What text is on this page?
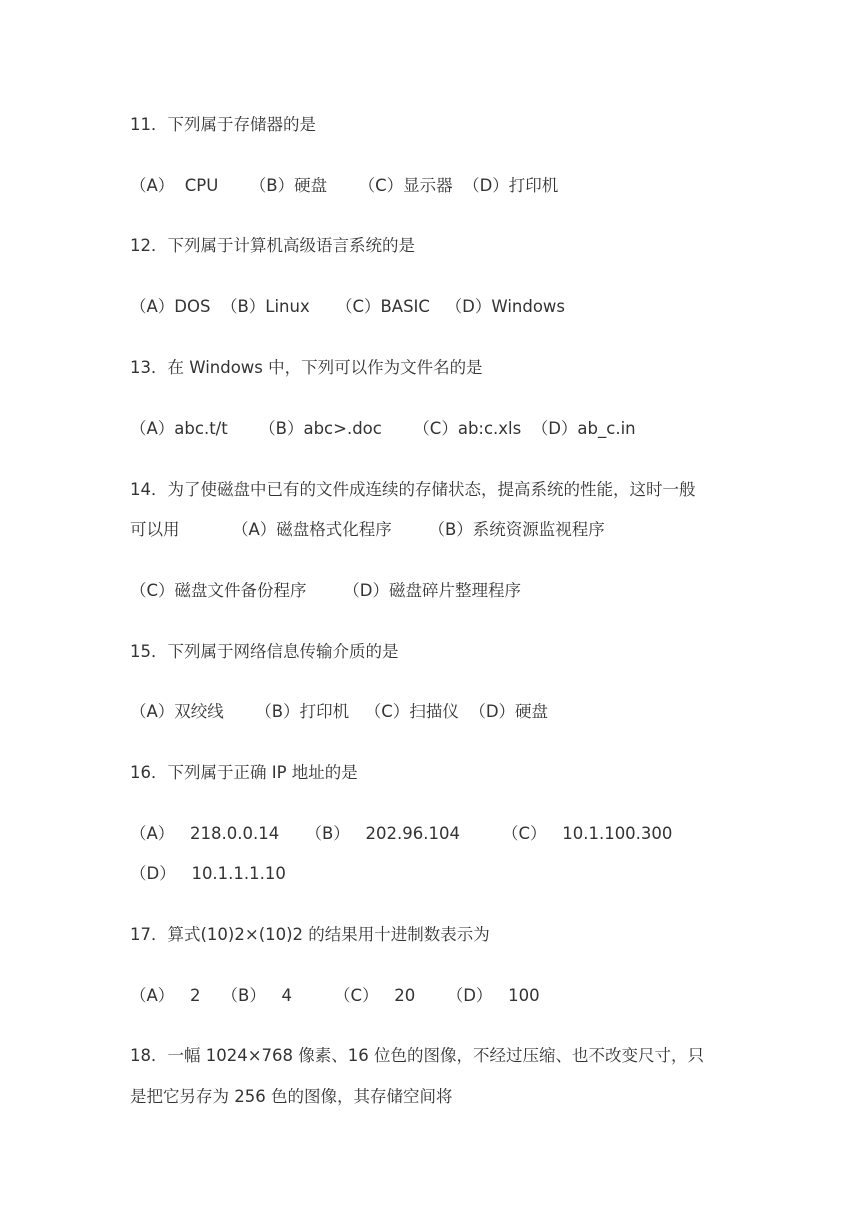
11．下列属于存储器的是
（A）  CPU      （B）硬盘      （C）显示器  （D）打印机
12．下列属于计算机高级语言系统的是
（A）DOS  （B）Linux     （C）BASIC   （D）Windows
13．在 Windows 中，下列可以作为文件名的是
（A）abc.t/t      （B）abc>.doc      （C）ab:c.xls  （D）ab_c.in
14．为了使磁盘中已有的文件成连续的存储状态，提高系统的性能，这时一般
可以用          （A）磁盘格式化程序       （B）系统资源监视程序
（C）磁盘文件备份程序       （D）磁盘碎片整理程序
15．下列属于网络信息传输介质的是
（A）双绞线      （B）打印机   （C）扫描仪  （D）硬盘
16．下列属于正确 IP 地址的是
（A）   218.0.0.14     （B）   202.96.104        （C）   10.1.100.300
（D）   10.1.1.1.10
17．算式(10)2×(10)2 的结果用十进制数表示为
（A）   2    （B）   4        （C）   20      （D）   100
18．一幅 1024×768 像素、16 位色的图像，不经过压缩、也不改变尺寸，只
是把它另存为 256 色的图像，其存储空间将
